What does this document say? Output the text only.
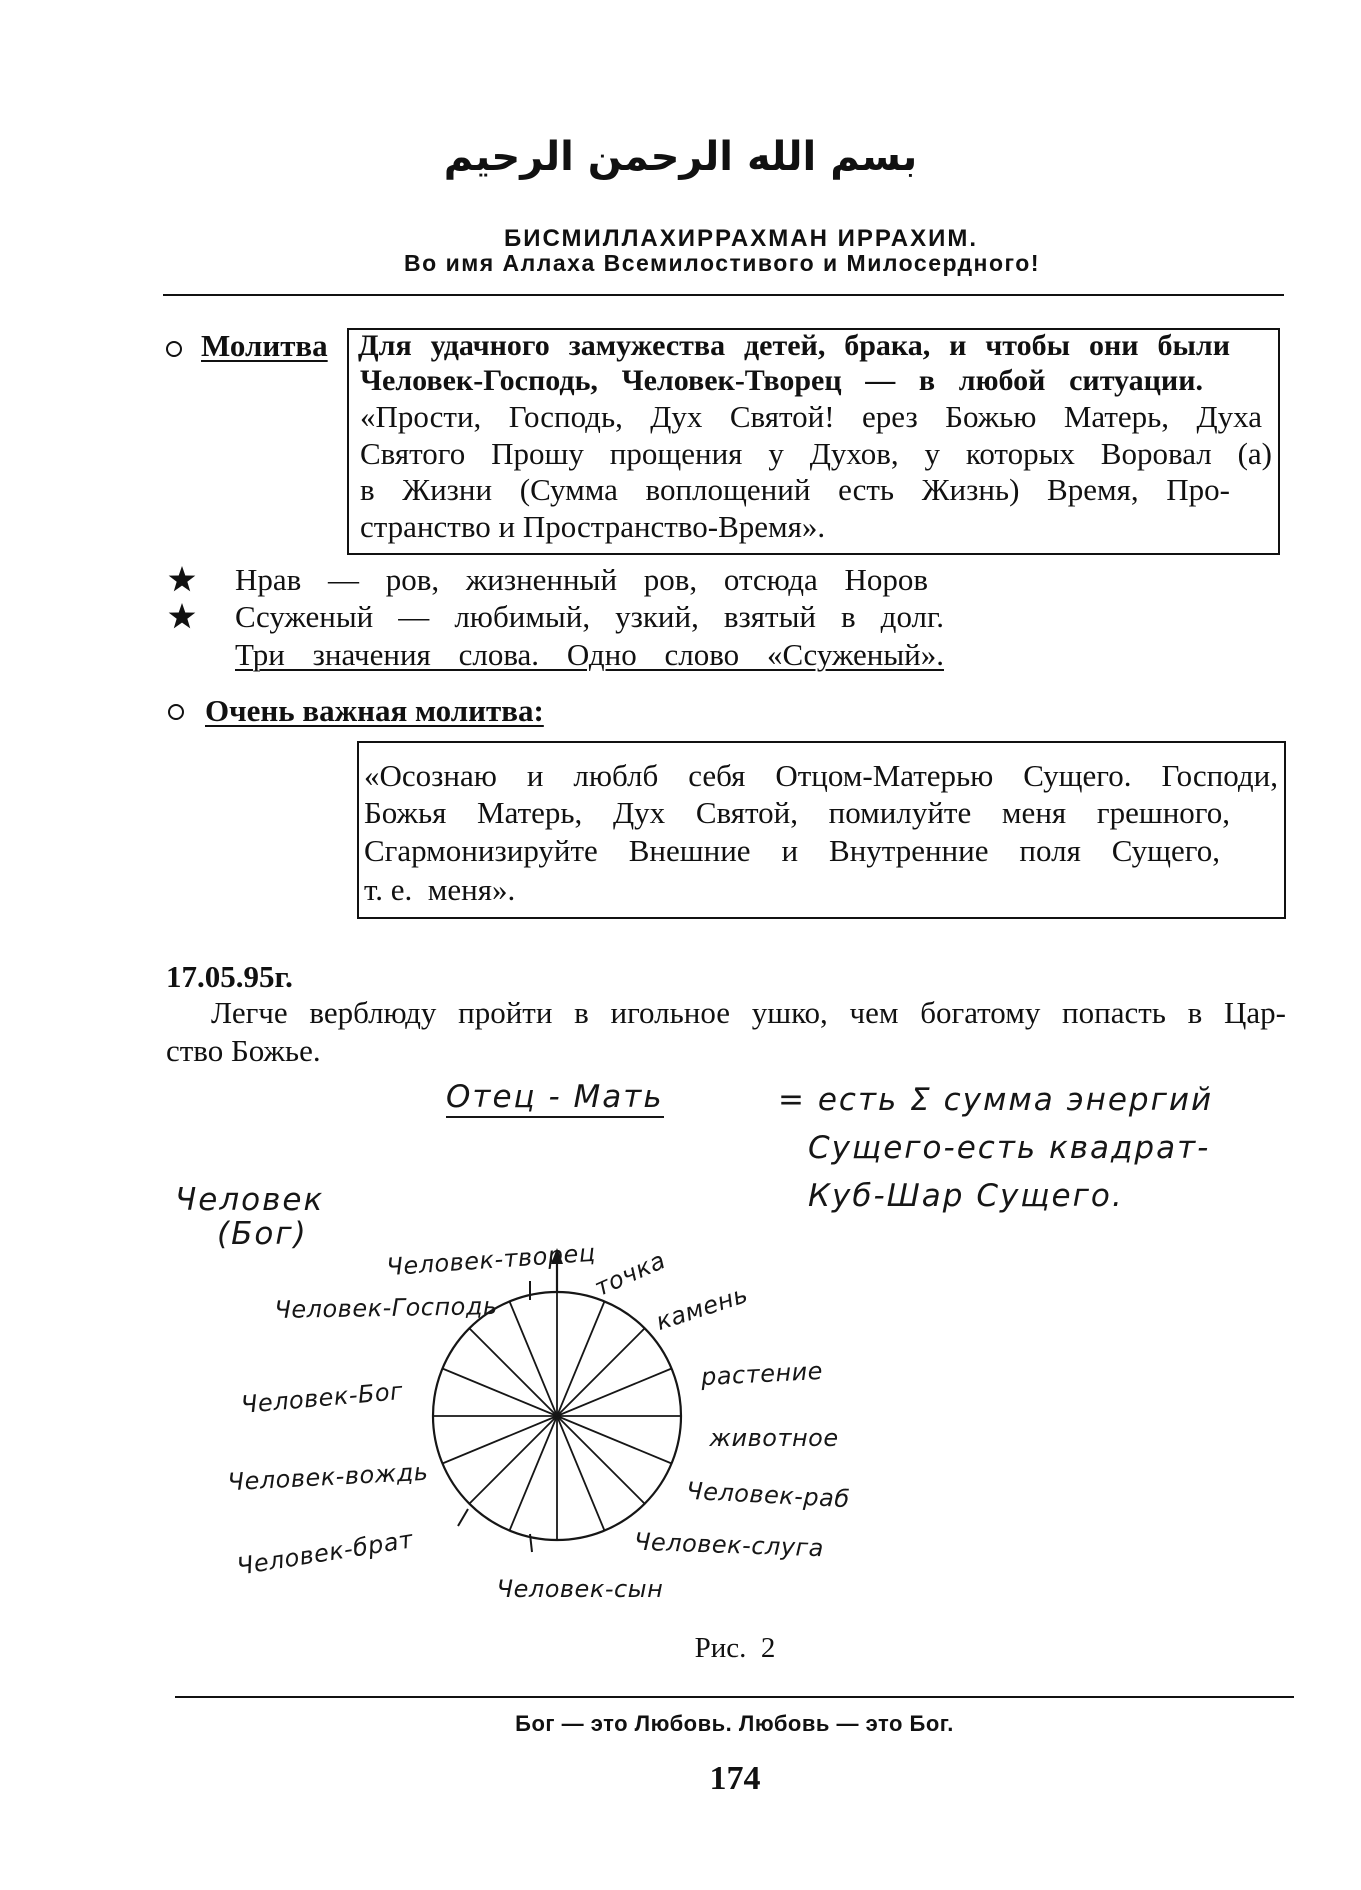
بسم الله الرحمن الرحيم
БИСМИЛЛАХИРРАХМАН ИРРАХИМ.
Во имя Аллаха Всемилостивого и Милосердного!
Молитва Для удачного замужества детей, брака, и чтобы они были
Человек-Господь, Человек-Творец — в любой ситуации.
«Прости, Господь, Дух Святой! ерез Божью Матерь, Духа
Святого Прошу прощения у Духов, у которых Воровал (а)
в Жизни (Сумма воплощений есть Жизнь) Время, Про-
странство и Пространство-Время».
Нрав — ров, жизненный ров, отсюда Норов
Ссуженый — любимый, узкий, взятый в долг.
Три значения слова. Одно слово «Ссуженый».
Очень важная молитва:
«Осознаю и люблб себя Отцом-Матерью Сущего. Господи,
Божья Матерь, Дух Святой, помилуйте меня грешного,
Сгармонизируйте Внешние и Внутренние поля Сущего,
т. е.  меня».
17.05.95г.
Легче верблюду пройти в игольное ушко, чем богатому попасть в Цар-
ство Божье.
Отец - Мать	= есть Σ сумма энергий
Сущего-есть квадрат-
Куб-Шар Сущего.
Человек
(Бог)
Человек-творец
точка
камень
растение
животное
Человек-раб
Человек-слуга
Человек-сын
Человек-брат
Человек-вождь
Человек-Бог
Человек-Господь
Рис.  2
Бог — это Любовь. Любовь — это Бог.
174
